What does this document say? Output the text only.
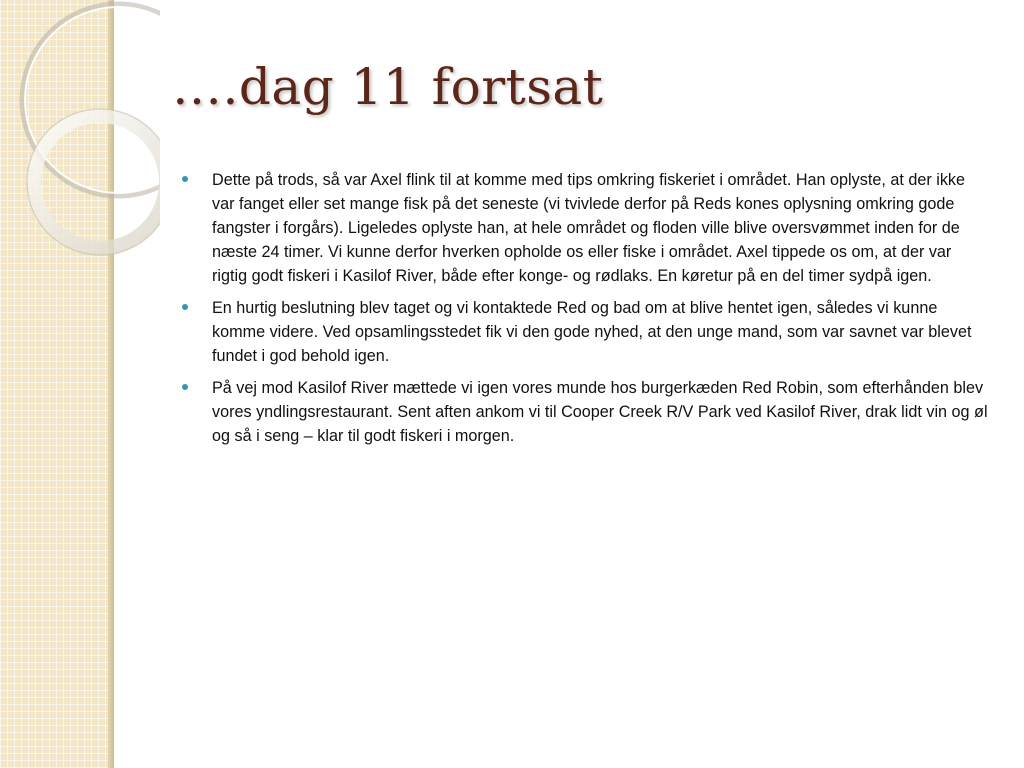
….dag 11 fortsat
Dette på trods, så var Axel flink til at komme med tips omkring fiskeriet i området. Han oplyste, at der ikke var fanget eller set mange fisk på det seneste (vi tvivlede derfor på Reds kones oplysning omkring gode fangster i forgårs). Ligeledes oplyste han, at hele området og floden ville blive oversvømmet inden for de næste 24 timer. Vi kunne derfor hverken opholde os eller fiske i området. Axel tippede os om, at der var rigtig godt fiskeri i Kasilof River, både efter konge- og rødlaks. En køretur på en del timer sydpå igen.
En hurtig beslutning blev taget og vi kontaktede Red og bad om at blive hentet igen, således vi kunne komme videre. Ved opsamlingsstedet fik vi den gode nyhed, at den unge mand, som var savnet var blevet fundet i god behold igen.
På vej mod Kasilof River mættede vi igen vores munde hos burgerkæden Red Robin, som efterhånden blev vores yndlingsrestaurant. Sent aften ankom vi til Cooper Creek R/V Park ved Kasilof River, drak lidt vin og øl og så i seng – klar til godt fiskeri i morgen.
